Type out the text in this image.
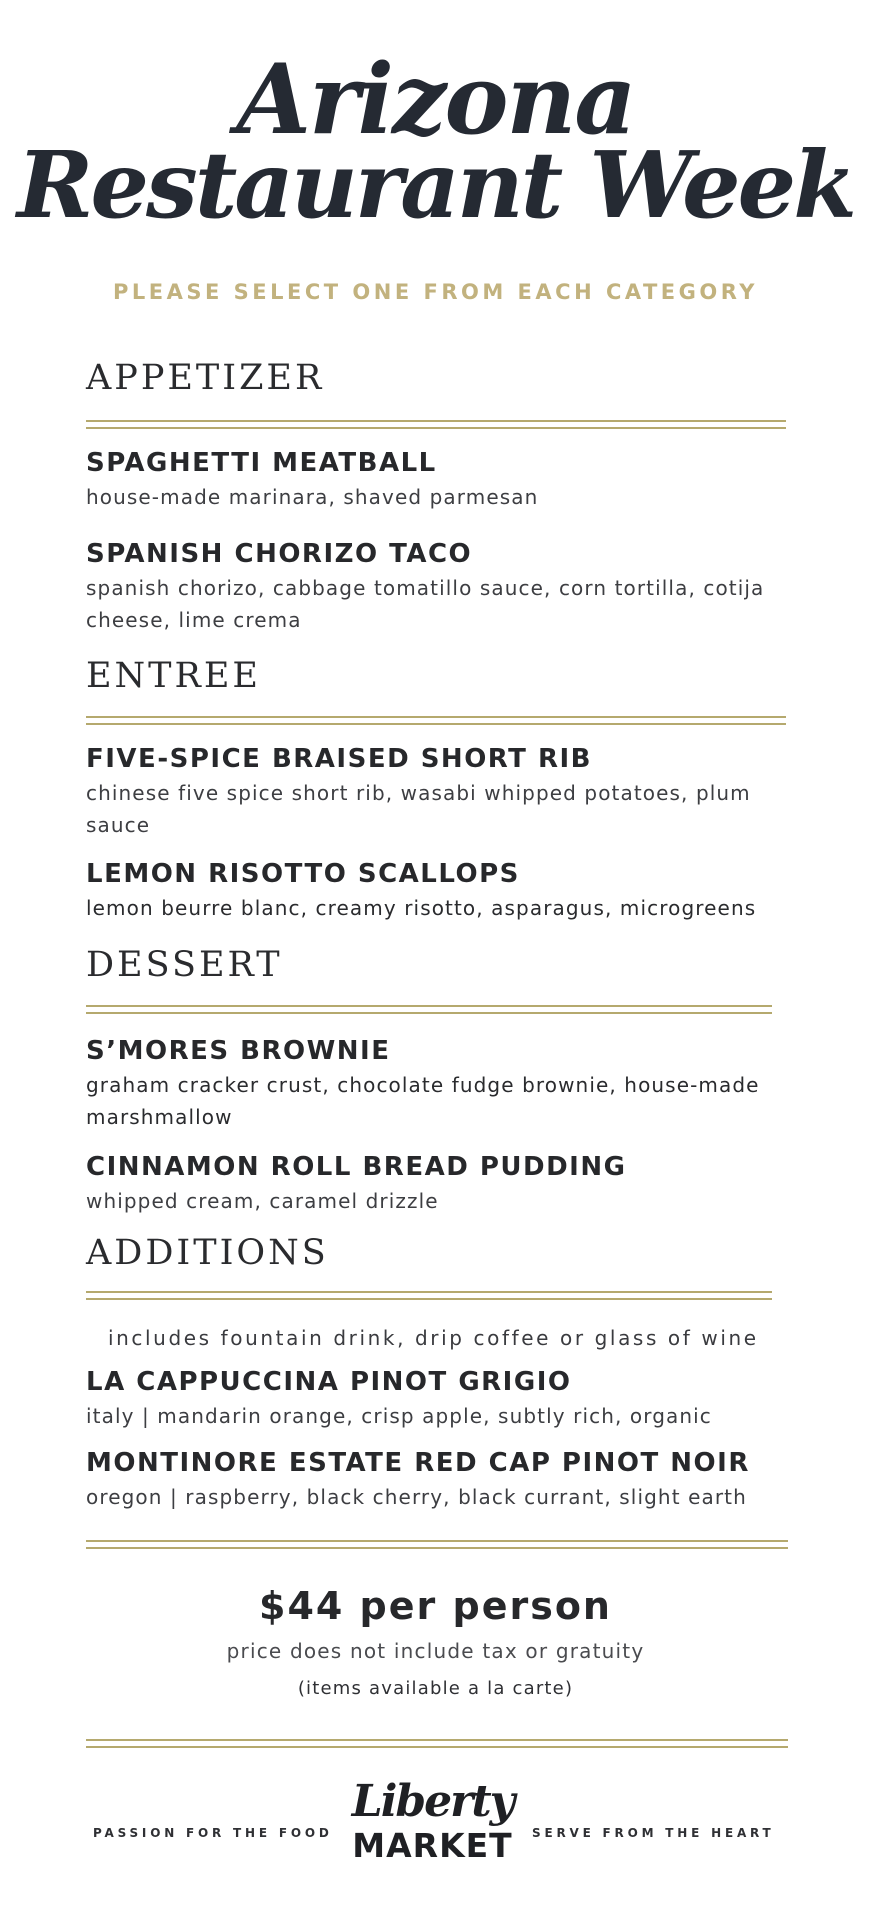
Arizona
Restaurant Week
PLEASE SELECT ONE FROM EACH CATEGORY
APPETIZER
SPAGHETTI MEATBALL
house-made marinara, shaved parmesan
SPANISH CHORIZO TACO
spanish chorizo, cabbage tomatillo sauce, corn tortilla, cotija cheese, lime crema
ENTREE
FIVE-SPICE BRAISED SHORT RIB
chinese five spice short rib, wasabi whipped potatoes, plum sauce
LEMON RISOTTO SCALLOPS
lemon beurre blanc, creamy risotto, asparagus, microgreens
DESSERT
S’MORES BROWNIE
graham cracker crust, chocolate fudge brownie, house-made marshmallow
CINNAMON ROLL BREAD PUDDING
whipped cream, caramel drizzle
ADDITIONS
includes fountain drink, drip coffee or glass of wine
LA CAPPUCCINA PINOT GRIGIO
italy | mandarin orange, crisp apple, subtly rich, organic
MONTINORE ESTATE RED CAP PINOT NOIR
oregon | raspberry, black cherry, black currant, slight earth
$44 per person
price does not include tax or gratuity
(items available a la carte)
PASSION FOR THE FOOD
Liberty
MARKET	SERVE FROM THE HEART
